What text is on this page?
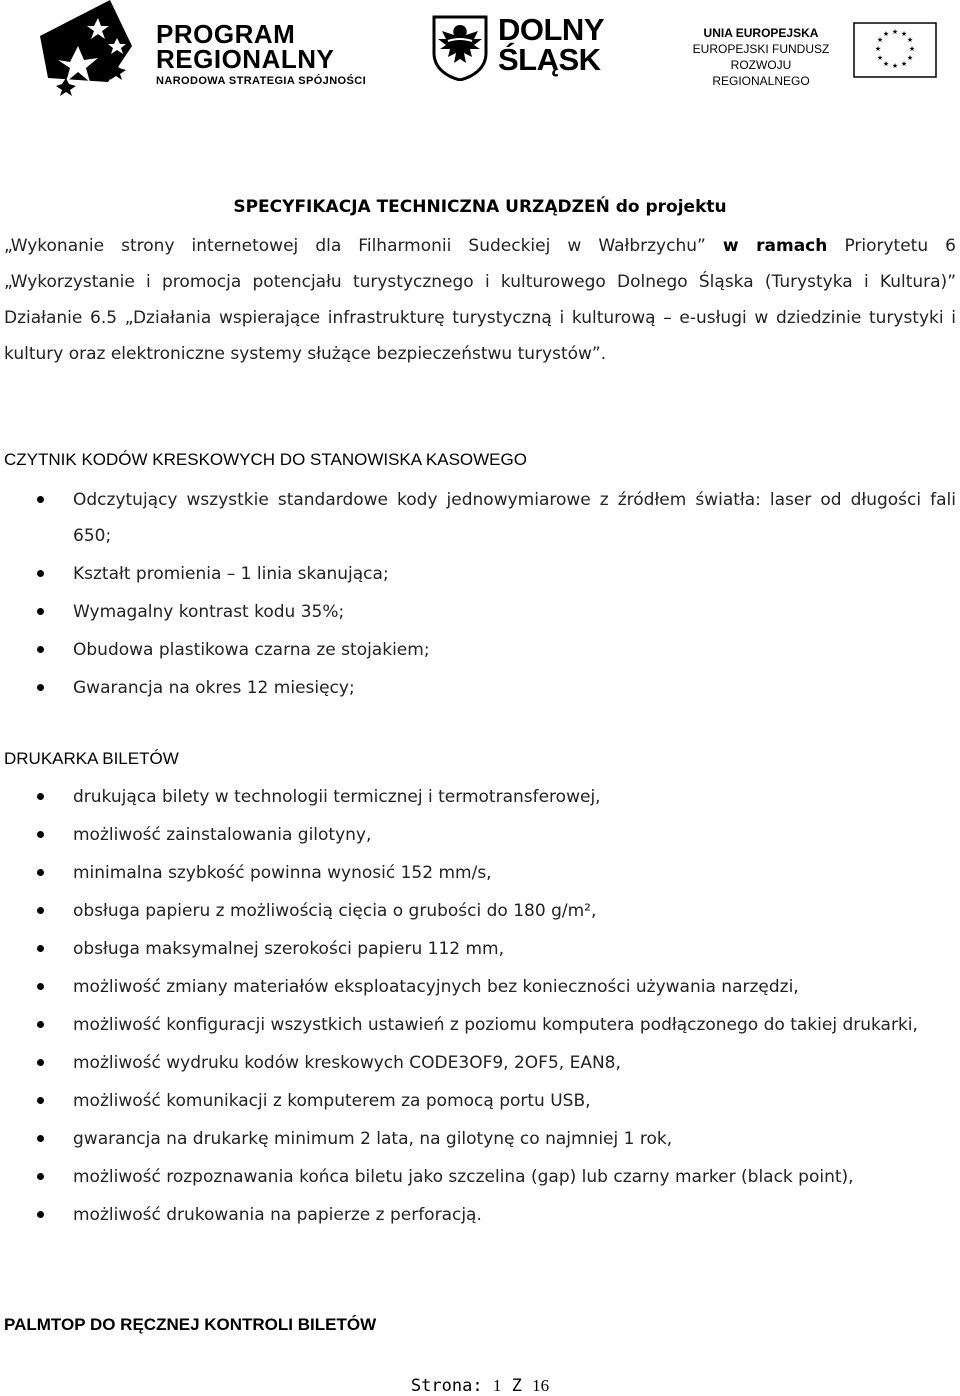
PROGRAM
REGIONALNY
NARODOWA STRATEGIA SPÓJNOŚCI
DOLNY
ŚLĄSK
UNIA EUROPEJSKA
EUROPEJSKI FUNDUSZ
ROZWOJU REGIONALNEGO
★ ★
★
★
★
★
★
★
★
★
★
★
SPECYFIKACJA TECHNICZNA URZĄDZEŃ do projektu
„Wykonanie strony internetowej dla Filharmonii Sudeckiej w Wałbrzychu” w ramach Priorytetu 6 „Wykorzystanie i promocja potencjału turystycznego i kulturowego Dolnego Śląska (Turystyka i Kultura)” Działanie 6.5 „Działania wspierające infrastrukturę turystyczną i kulturową – e-usługi w dziedzinie turystyki i kultury oraz elektroniczne systemy służące bezpieczeństwu turystów”.
CZYTNIK KODÓW KRESKOWYCH DO STANOWISKA KASOWEGO
Odczytujący wszystkie standardowe kody jednowymiarowe z źródłem światła: laser od długości fali 650;
Kształt promienia – 1 linia skanująca;
Wymagalny kontrast kodu 35%;
Obudowa plastikowa czarna ze stojakiem;
Gwarancja na okres 12 miesięcy;
DRUKARKA BILETÓW
drukująca bilety w technologii termicznej i termotransferowej,
możliwość zainstalowania gilotyny,
minimalna szybkość powinna wynosić 152 mm/s,
obsługa papieru z możliwością cięcia o grubości do 180 g/m²,
obsługa maksymalnej szerokości papieru 112 mm,
możliwość zmiany materiałów eksploatacyjnych bez konieczności używania narzędzi,
możliwość konfiguracji wszystkich ustawień z poziomu komputera podłączonego do takiej drukarki,
możliwość wydruku kodów kreskowych CODE3OF9, 2OF5, EAN8,
możliwość komunikacji z komputerem za pomocą portu USB,
gwarancja na drukarkę minimum 2 lata, na gilotynę co najmniej 1 rok,
możliwość rozpoznawania końca biletu jako szczelina (gap) lub czarny marker (black point),
możliwość drukowania na papierze z perforacją.
PALMTOP DO RĘCZNEJ KONTROLI BILETÓW
Strona: 1 Z 16
